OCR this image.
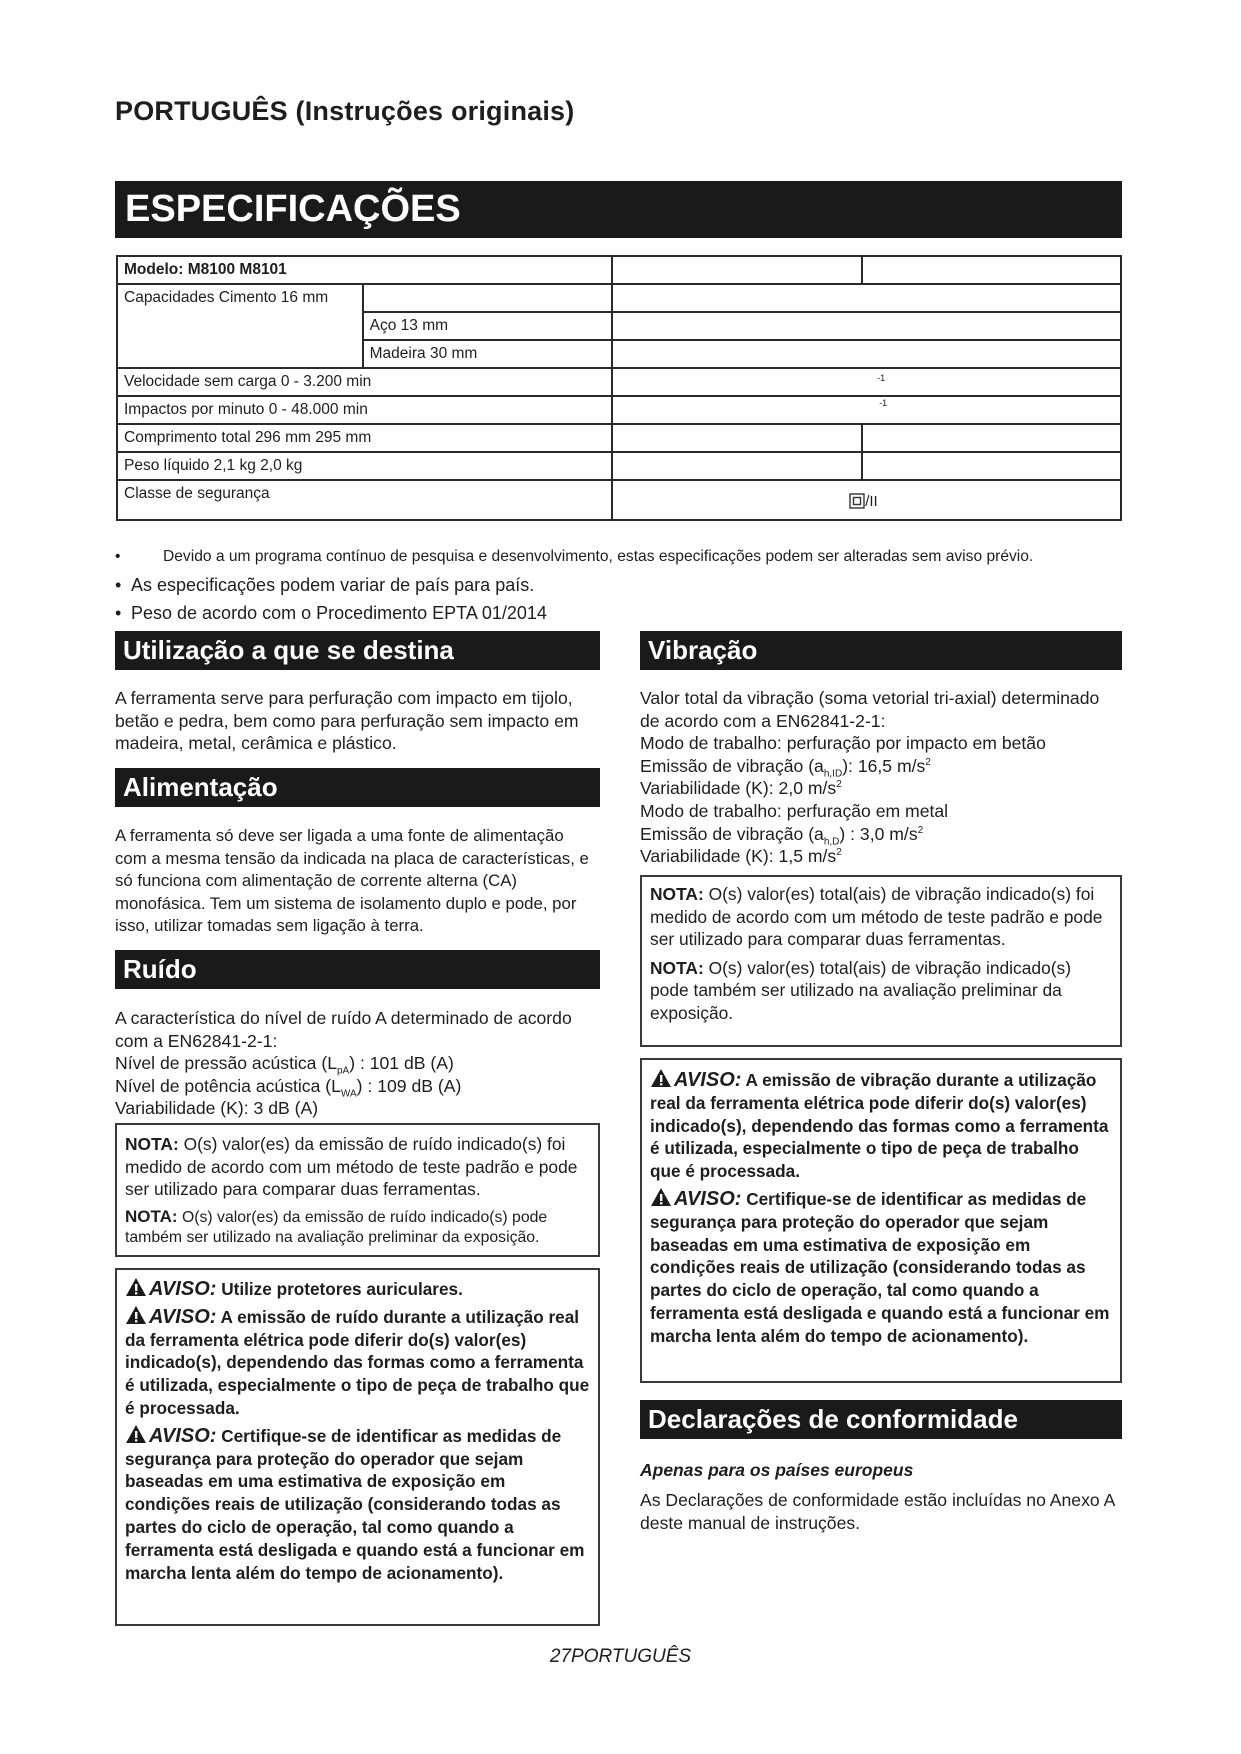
PORTUGUÊS (Instruções originais)
ESPECIFICAÇÕES
Modelo: M8100 M8101			
Capacidades Cimento 16 mm			
	Aço 13 mm		
	Madeira 30 mm		
Velocidade sem carga 0 - 3.200 min		-1	

Impactos por minuto 0 - 48.000 min		-1	

Comprimento total 296 mm 295 mm			
Peso líquido 2,1 kg 2,0 kg			
Classe de segurança		/II	
• Devido a um programa contínuo de pesquisa e desenvolvimento, estas especificações podem ser alteradas sem aviso prévio.
• As especificações podem variar de país para país.
• Peso de acordo com o Procedimento EPTA 01/2014
Utilização a que se destina
A ferramenta serve para perfuração com impacto em tijolo, betão e pedra, bem como para perfuração sem impacto em madeira, metal, cerâmica e plástico.
Alimentação
A ferramenta só deve ser ligada a uma fonte de alimentação com a mesma tensão da indicada na placa de características, e só funciona com alimentação de corrente alterna (CA) monofásica. Tem um sistema de isolamento duplo e pode, por isso, utilizar tomadas sem ligação à terra.
Ruído
A característica do nível de ruído A determinado de acordo com a EN62841-2-1:
Nível de pressão acústica $(L_{pA})$ : 101 dB (A)
Nível de potência acústica $(L_{WA})$ : 109 dB (A)
Variabilidade (K): 3 dB (A)

NOTA: O(s) valor(es) da emissão de ruído indicado(s) foi medido de acordo com um método de teste padrão e pode ser utilizado para comparar duas ferramentas.

NOTA: O(s) valor(es) da emissão de ruído indicado(s) pode também ser utilizado na avaliação preliminar da exposição.

AVISO: Utilize protetores auriculares.

AVISO: A emissão de ruído durante a utilização real da ferramenta elétrica pode diferir do(s) valor(es) indicado(s), dependendo das formas como a ferramenta é utilizada, especialmente o tipo de peça de trabalho que é processada.

AVISO: Certifique-se de identificar as medidas de segurança para proteção do operador que sejam baseadas em uma estimativa de exposição em condições reais de utilização (considerando todas as partes do ciclo de operação, tal como quando a ferramenta está desligada e quando está a funcionar em marcha lenta além do tempo de acionamento).

Vibração
Valor total da vibração (soma vetorial tri-axial) determinado de acordo com a EN62841-2-1:
Modo de trabalho: perfuração por impacto em betão
Emissão de vibração $(a_{h,ID})$: 16,5 $m/s^2$
Variabilidade (K): 2,0 $m/s^2$
Modo de trabalho: perfuração em metal
Emissão de vibração $(a_{h,D})$ : 3,0 $m/s^2$
Variabilidade (K): 1,5 $m/s^2$

NOTA: O(s) valor(es) total(ais) de vibração indicado(s) foi medido de acordo com um método de teste padrão e pode ser utilizado para comparar duas ferramentas.

NOTA: O(s) valor(es) total(ais) de vibração indicado(s) pode também ser utilizado na avaliação preliminar da exposição.

AVISO: A emissão de vibração durante a utilização real da ferramenta elétrica pode diferir do(s) valor(es) indicado(s), dependendo das formas como a ferramenta é utilizada, especialmente o tipo de peça de trabalho que é processada.

AVISO: Certifique-se de identificar as medidas de segurança para proteção do operador que sejam baseadas em uma estimativa de exposição em condições reais de utilização (considerando todas as partes do ciclo de operação, tal como quando a ferramenta está desligada e quando está a funcionar em marcha lenta além do tempo de acionamento).

Declarações de conformidade
Apenas para os países europeus
As Declarações de conformidade estão incluídas no Anexo A deste manual de instruções.
27PORTUGUÊS
